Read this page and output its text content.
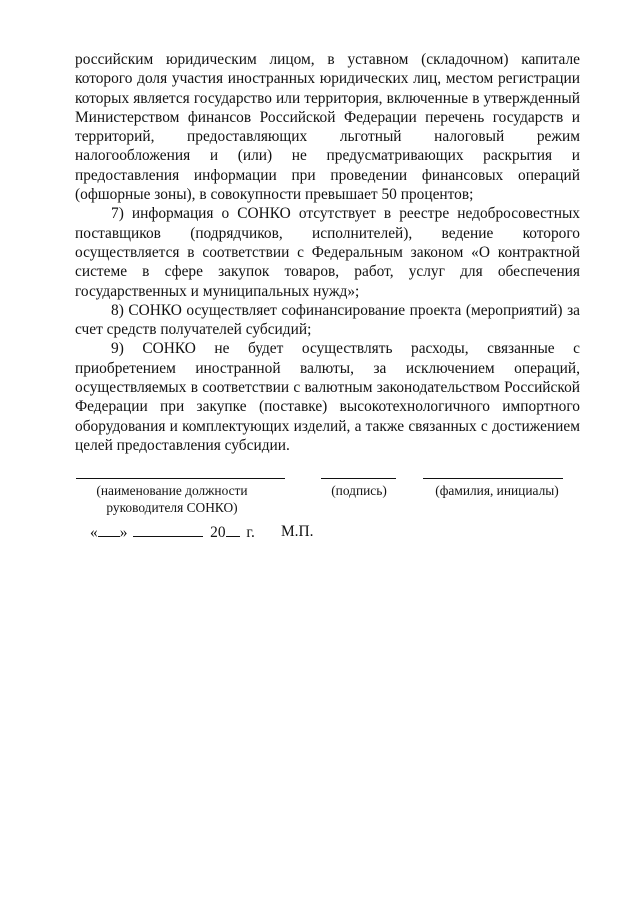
российским юридическим лицом, в уставном (складочном) капитале которого доля участия иностранных юридических лиц, местом регистрации которых является государство или территория, включенные в утвержденный Министерством финансов Российской Федерации перечень государств и территорий, предоставляющих льготный налоговый режим налогообложения и (или) не предусматривающих раскрытия и предоставления информации при проведении финансовых операций (офшорные зоны), в совокупности превышает 50 процентов;

7) информация о СОНКО отсутствует в реестре недобросовестных поставщиков (подрядчиков, исполнителей), ведение которого осуществляется в соответствии с Федеральным законом «О контрактной системе в сфере закупок товаров, работ, услуг для обеспечения государственных и муниципальных нужд»;

8) СОНКО осуществляет софинансирование проекта (мероприятий) за счет средств получателей субсидий;

9) СОНКО не будет осуществлять расходы, связанные с приобретением иностранной валюты, за исключением операций, осуществляемых в соответствии с валютным законодательством Российской Федерации при закупке (поставке) высокотехнологичного импортного оборудования и комплектующих изделий, а также связанных с достижением целей предоставления субсидии.

(наименование должности
руководителя СОНКО)
(подпись)	(фамилия, инициалы)
« »	20 г. М.П.
